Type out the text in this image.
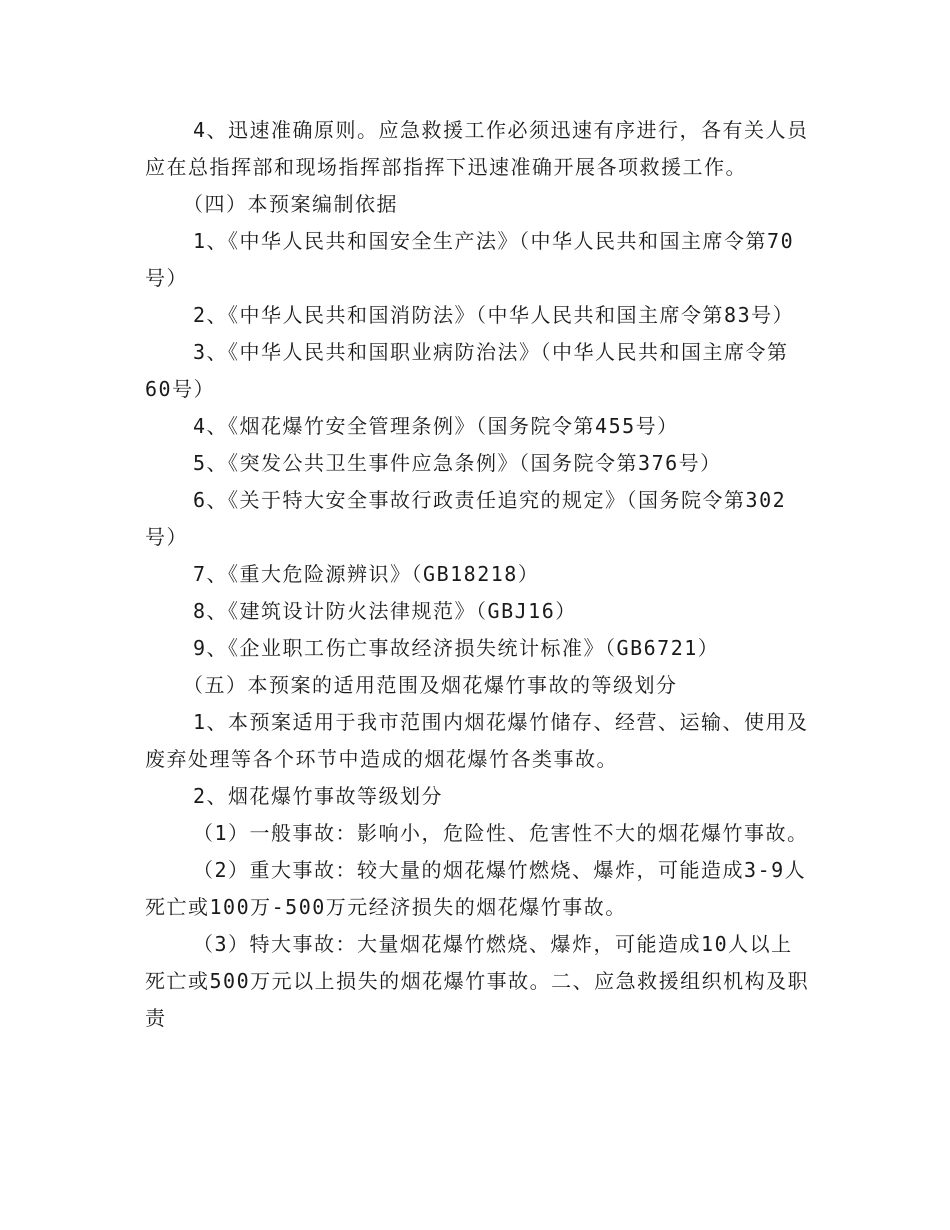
4、迅速准确原则。应急救援工作必须迅速有序进行，各有关人员应在总指挥部和现场指挥部指挥下迅速准确开展各项救援工作。

（四）本预案编制依据

1、《中华人民共和国安全生产法》（中华人民共和国主席令第70号）

2、《中华人民共和国消防法》（中华人民共和国主席令第83号）

3、《中华人民共和国职业病防治法》（中华人民共和国主席令第60号）

4、《烟花爆竹安全管理条例》（国务院令第455号）

5、《突发公共卫生事件应急条例》（国务院令第376号）

6、《关于特大安全事故行政责任追究的规定》（国务院令第302号）

7、《重大危险源辨识》（GB18218）

8、《建筑设计防火法律规范》（GBJ16）

9、《企业职工伤亡事故经济损失统计标准》（GB6721）

（五）本预案的适用范围及烟花爆竹事故的等级划分

1、本预案适用于我市范围内烟花爆竹储存、经营、运输、使用及废弃处理等各个环节中造成的烟花爆竹各类事故。

2、烟花爆竹事故等级划分

（1）一般事故：影响小，危险性、危害性不大的烟花爆竹事故。

（2）重大事故：较大量的烟花爆竹燃烧、爆炸，可能造成3-9人死亡或100万-500万元经济损失的烟花爆竹事故。

（3）特大事故：大量烟花爆竹燃烧、爆炸，可能造成10人以上死亡或500万元以上损失的烟花爆竹事故。二、应急救援组织机构及职责
